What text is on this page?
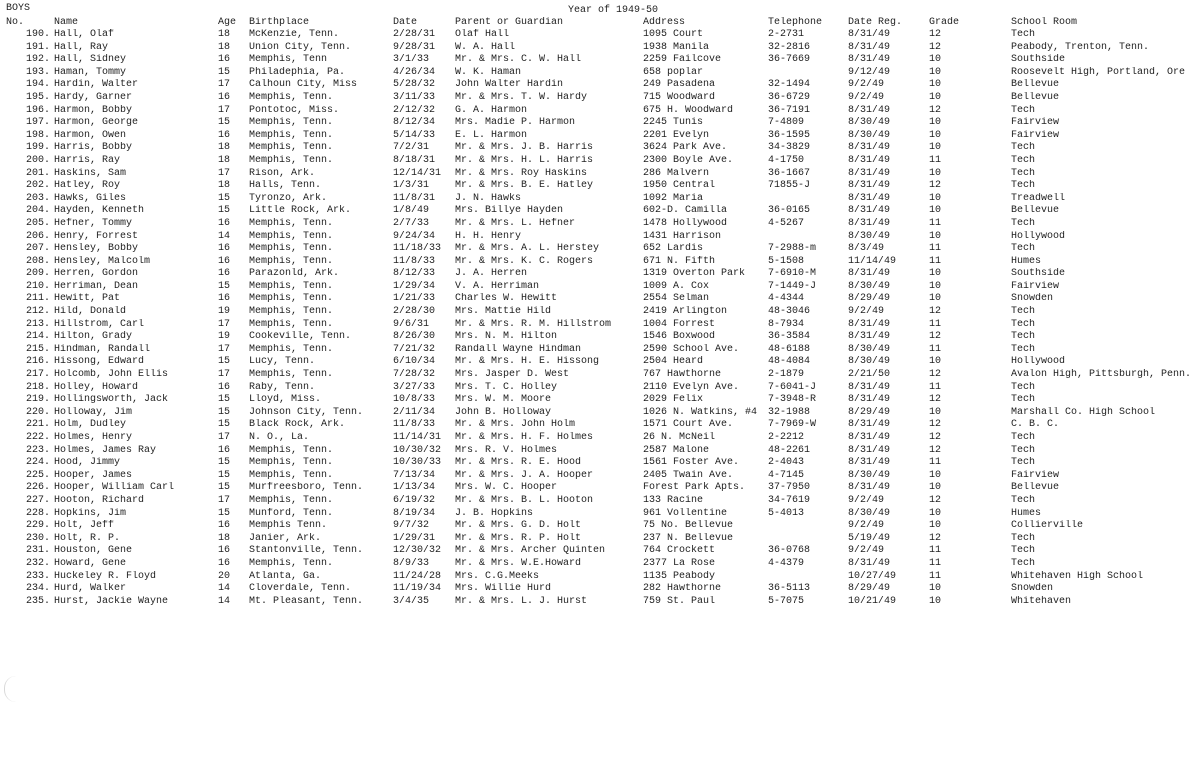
BOYS	Year of 1949-50
No.	Name	Age	Birthplace	Date	Parent or Guardian	Address	Telephone	Date Reg.	Grade	School Room
190.	Hall, Olaf	18	McKenzie, Tenn.	2/28/31	Olaf Hall	1095 Court	2-2731	8/31/49	12	Tech
191.	Hall, Ray	18	Union City, Tenn.	9/28/31	W. A. Hall	1938 Manila	32-2816	8/31/49	12	Peabody, Trenton, Tenn.
192.	Hall, Sidney	16	Memphis, Tenn	3/1/33	Mr. & Mrs. C. W. Hall	2259 Failcove	36-7669	8/31/49	10	Southside
193.	Haman, Tommy	15	Philadephia, Pa.	4/26/34	W. K. Haman	658 poplar		9/12/49	10	Roosevelt High, Portland, Ore
194.	Hardin, Walter	17	Calhoun City, Miss	5/28/32	John Walter Hardin	249 Pasadena	32-1494	9/2/49	10	Bellevue
195.	Hardy, Garner	16	Memphis, Tenn.	3/11/33	Mr. & Mrs. T. W. Hardy	715 Woodward	36-6729	9/2/49	10	Bellevue
196.	Harmon, Bobby	17	Pontotoc, Miss.	2/12/32	G. A. Harmon	675 H. Woodward	36-7191	8/31/49	12	Tech
197.	Harmon, George	15	Memphis, Tenn.	8/12/34	Mrs. Madie P. Harmon	2245 Tunis	7-4809	8/30/49	10	Fairview
198.	Harmon, Owen	16	Memphis, Tenn.	5/14/33	E. L. Harmon	2201 Evelyn	36-1595	8/30/49	10	Fairview
199.	Harris, Bobby	18	Memphis, Tenn.	7/2/31	Mr. & Mrs. J. B. Harris	3624 Park Ave.	34-3829	8/31/49	10	Tech
200.	Harris, Ray	18	Memphis, Tenn.	8/18/31	Mr. & Mrs. H. L. Harris	2300 Boyle Ave.	4-1750	8/31/49	11	Tech
201.	Haskins, Sam	17	Rison, Ark.	12/14/31	Mr. & Mrs. Roy Haskins	286 Malvern	36-1667	8/31/49	10	Tech
202.	Hatley, Roy	18	Halls, Tenn.	1/3/31	Mr. & Mrs. B. E. Hatley	1950 Central	71855-J	8/31/49	12	Tech
203.	Hawks, Giles	15	Tyronzo, Ark.	11/8/31	J. N. Hawks	1092 Maria		8/31/49	10	Treadwell
204.	Hayden, Kenneth	15	Little Rock, Ark.	1/8/49	Mrs. Billye Hayden	602-D. Camilla	36-0165	8/31/49	10	Bellevue
205.	Hefner, Tommy	16	Memphis, Tenn.	2/7/33	Mr. & Mrs. L. Hefner	1478 Hollywood	4-5267	8/31/49	11	Tech
206.	Henry, Forrest	14	Memphis, Tenn.	9/24/34	H. H. Henry	1431 Harrison		8/30/49	10	Hollywood
207.	Hensley, Bobby	16	Memphis, Tenn.	11/18/33	Mr. & Mrs. A. L. Herstey	652 Lardis	7-2988-m	8/3/49	11	Tech
208.	Hensley, Malcolm	16	Memphis, Tenn.	11/8/33	Mr. & Mrs. K. C. Rogers	671 N. Fifth	5-1508	11/14/49	11	Humes
209.	Herren, Gordon	16	Parazonld, Ark.	8/12/33	J. A. Herren	1319 Overton Park	7-6910-M	8/31/49	10	Southside
210.	Herriman, Dean	15	Memphis, Tenn.	1/29/34	V. A. Herriman	1009 A. Cox	7-1449-J	8/30/49	10	Fairview
211.	Hewitt, Pat	16	Memphis, Tenn.	1/21/33	Charles W. Hewitt	2554 Selman	4-4344	8/29/49	10	Snowden
212.	Hild, Donald	19	Memphis, Tenn.	2/28/30	Mrs. Mattie Hild	2419 Arlington	48-3046	9/2/49	12	Tech
213.	Hillstrom, Carl	17	Memphis, Tenn.	9/6/31	Mr. & Mrs. R. M. Hillstrom	1004 Forrest	8-7934	8/31/49	11	Tech
214.	Hilton, Grady	19	Cookeville, Tenn.	8/26/30	Mrs. N. M. Hilton	1546 Boxwood	36-3584	8/31/49	12	Tech
215.	Hindman, Randall	17	Memphis, Tenn.	7/21/32	Randall Wayne Hindman	2590 School Ave.	48-6188	8/30/49	11	Tech
216.	Hissong, Edward	15	Lucy, Tenn.	6/10/34	Mr. & Mrs. H. E. Hissong	2504 Heard	48-4084	8/30/49	10	Hollywood
217.	Holcomb, John Ellis	17	Memphis, Tenn.	7/28/32	Mrs. Jasper D. West	767 Hawthorne	2-1879	2/21/50	12	Avalon High, Pittsburgh, Penn.
218.	Holley, Howard	16	Raby, Tenn.	3/27/33	Mrs. T. C. Holley	2110 Evelyn Ave.	7-6041-J	8/31/49	11	Tech
219.	Hollingsworth, Jack	15	Lloyd, Miss.	10/8/33	Mrs. W. M. Moore	2029 Felix	7-3948-R	8/31/49	12	Tech
220.	Holloway, Jim	15	Johnson City, Tenn.	2/11/34	John B. Holloway	1026 N. Watkins, #4	32-1988	8/29/49	10	Marshall Co. High School
221.	Holm, Dudley	15	Black Rock, Ark.	11/8/33	Mr. & Mrs. John Holm	1571 Court Ave.	7-7969-W	8/31/49	12	C. B. C.
222.	Holmes, Henry	17	N. O., La.	11/14/31	Mr. & Mrs. H. F. Holmes	26 N. McNeil	2-2212	8/31/49	12	Tech
223.	Holmes, James Ray	16	Memphis, Tenn.	10/30/32	Mrs. R. V. Holmes	2587 Malone	48-2261	8/31/49	12	Tech
224.	Hood, Jimmy	15	Memphis, Tenn.	10/30/33	Mr. & Mrs. R. E. Hood	1561 Foster Ave.	2-4043	8/31/49	11	Tech
225.	Hooper, James	15	Memphis, Tenn.	7/13/34	Mr. & Mrs. J. A. Hooper	2405 Twain Ave.	4-7145	8/30/49	10	Fairview
226.	Hooper, William Carl	15	Murfreesboro, Tenn.	1/13/34	Mrs. W. C. Hooper	Forest Park Apts.	37-7950	8/31/49	10	Bellevue
227.	Hooton, Richard	17	Memphis, Tenn.	6/19/32	Mr. & Mrs. B. L. Hooton	133 Racine	34-7619	9/2/49	12	Tech
228.	Hopkins, Jim	15	Munford, Tenn.	8/19/34	J. B. Hopkins	961 Vollentine	5-4013	8/30/49	10	Humes
229.	Holt, Jeff	16	Memphis Tenn.	9/7/32	Mr. & Mrs. G. D. Holt	75 No. Bellevue		9/2/49	10	Collierville
230.	Holt, R. P.	18	Janier, Ark.	1/29/31	Mr. & Mrs. R. P. Holt	237 N. Bellevue		5/19/49	12	Tech
231.	Houston, Gene	16	Stantonville, Tenn.	12/30/32	Mr. & Mrs. Archer Quinten	764 Crockett	36-0768	9/2/49	11	Tech
232.	Howard, Gene	16	Memphis, Tenn.	8/9/33	Mr. & Mrs. W.E.Howard	2377 La Rose	4-4379	8/31/49	11	Tech
233.	Huckeley R. Floyd	20	Atlanta, Ga.	11/24/28	Mrs. C.G.Meeks	1135 Peabody		10/27/49	11	Whitehaven High School
234.	Hurd, Walker	14	Cloverdale, Tenn.	11/19/34	Mrs. Willie Hurd	282 Hawthorne	36-5113	8/29/49	10	Snowden
235.	Hurst, Jackie Wayne	14	Mt. Pleasant, Tenn.	3/4/35	Mr. & Mrs. L. J. Hurst	759 St. Paul	5-7075	10/21/49	10	Whitehaven
